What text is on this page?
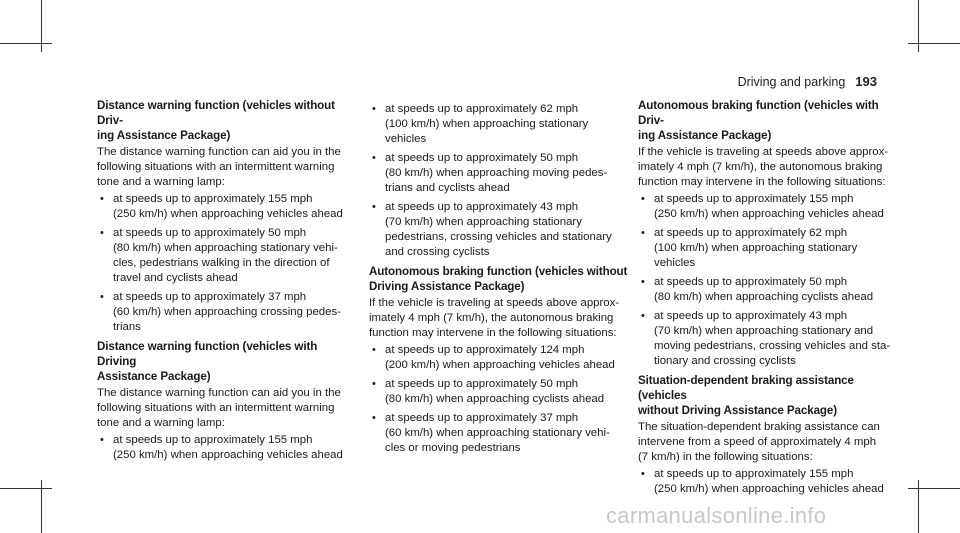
Driving and parking 193

Distance warning function (vehicles without Driv-
ing Assistance Package)

The distance warning function can aid you in the
following situations with an intermittent warning
tone and a warning lamp:

• at speeds up to approximately 155 mph
(250 km/h) when approaching vehicles ahead
• at speeds up to approximately 50 mph
(80 km/h) when approaching stationary vehi-
cles, pedestrians walking in the direction of
travel and cyclists ahead
• at speeds up to approximately 37 mph
(60 km/h) when approaching crossing pedes-
trians

Distance warning function (vehicles with Driving
Assistance Package)

The distance warning function can aid you in the
following situations with an intermittent warning
tone and a warning lamp:

• at speeds up to approximately 155 mph
(250 km/h) when approaching vehicles ahead
• at speeds up to approximately 62 mph
(100 km/h) when approaching stationary
vehicles
• at speeds up to approximately 50 mph
(80 km/h) when approaching moving pedes-
trians and cyclists ahead
• at speeds up to approximately 43 mph
(70 km/h) when approaching stationary
pedestrians, crossing vehicles and stationary
and crossing cyclists

Autonomous braking function (vehicles without
Driving Assistance Package)

If the vehicle is traveling at speeds above approx-
imately 4 mph (7 km/h), the autonomous braking
function may intervene in the following situations:

• at speeds up to approximately 124 mph
(200 km/h) when approaching vehicles ahead
• at speeds up to approximately 50 mph
(80 km/h) when approaching cyclists ahead
• at speeds up to approximately 37 mph
(60 km/h) when approaching stationary vehi-
cles or moving pedestrians

Autonomous braking function (vehicles with Driv-
ing Assistance Package)

If the vehicle is traveling at speeds above approx-
imately 4 mph (7 km/h), the autonomous braking
function may intervene in the following situations:

• at speeds up to approximately 155 mph
(250 km/h) when approaching vehicles ahead
• at speeds up to approximately 62 mph
(100 km/h) when approaching stationary
vehicles
• at speeds up to approximately 50 mph
(80 km/h) when approaching cyclists ahead
• at speeds up to approximately 43 mph
(70 km/h) when approaching stationary and
moving pedestrians, crossing vehicles and sta-
tionary and crossing cyclists

Situation-dependent braking assistance (vehicles
without Driving Assistance Package)

The situation-dependent braking assistance can
intervene from a speed of approximately 4 mph
(7 km/h) in the following situations:

• at speeds up to approximately 155 mph
(250 km/h) when approaching vehicles ahead
carmanualsonline.info
